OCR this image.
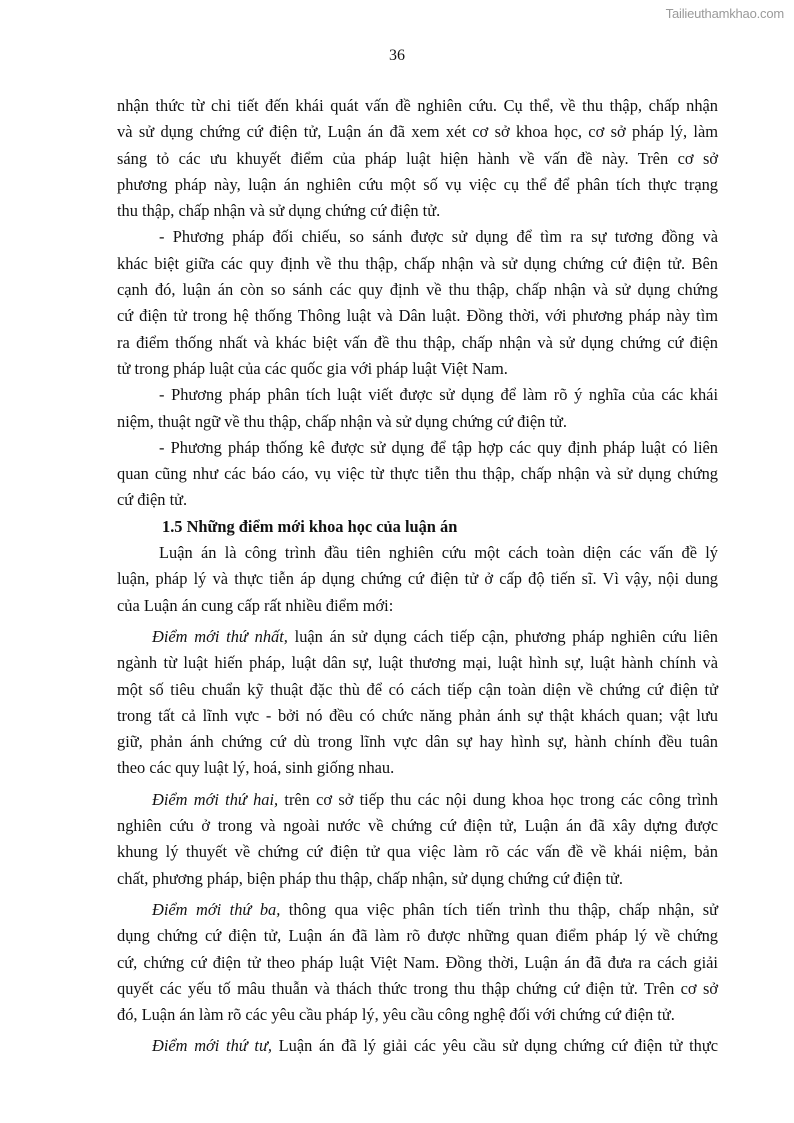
Tailieuthamkhao.com
36
nhận thức từ chi tiết đến khái quát vấn đề nghiên cứu. Cụ thể, về thu thập, chấp nhận
và sử dụng chứng cứ điện tử, Luận án đã xem xét cơ sở khoa học, cơ sở pháp lý, làm
sáng tỏ các ưu khuyết điểm của pháp luật hiện hành về vấn đề này. Trên cơ sở
phương pháp này, luận án nghiên cứu một số vụ việc cụ thể để phân tích thực trạng
thu thập, chấp nhận và sử dụng chứng cứ điện tử.
- Phương pháp đối chiếu, so sánh được sử dụng để tìm ra sự tương đồng và
khác biệt giữa các quy định về thu thập, chấp nhận và sử dụng chứng cứ điện tử. Bên
cạnh đó, luận án còn so sánh các quy định về thu thập, chấp nhận và sử dụng chứng
cứ điện tử trong hệ thống Thông luật và Dân luật. Đồng thời, với phương pháp này tìm
ra điểm thống nhất và khác biệt vấn đề thu thập, chấp nhận và sử dụng chứng cứ điện
tử trong pháp luật của các quốc gia với pháp luật Việt Nam.
- Phương pháp phân tích luật viết được sử dụng để làm rõ ý nghĩa của các khái
niệm, thuật ngữ về thu thập, chấp nhận và sử dụng chứng cứ điện tử.
- Phương pháp thống kê được sử dụng để tập hợp các quy định pháp luật có liên
quan cũng như các báo cáo, vụ việc từ thực tiễn thu thập, chấp nhận và sử dụng chứng
cứ điện tử.
1.5 Những điểm mới khoa học của luận án
Luận án là công trình đầu tiên nghiên cứu một cách toàn diện các vấn đề lý
luận, pháp lý và thực tiễn áp dụng chứng cứ điện tử ở cấp độ tiến sĩ. Vì vậy, nội dung
của Luận án cung cấp rất nhiều điểm mới:
Điểm mới thứ nhất, luận án sử dụng cách tiếp cận, phương pháp nghiên cứu liên
ngành từ luật hiến pháp, luật dân sự, luật thương mại, luật hình sự, luật hành chính và
một số tiêu chuẩn kỹ thuật đặc thù để có cách tiếp cận toàn diện về chứng cứ điện tử
trong tất cả lĩnh vực - bởi nó đều có chức năng phản ánh sự thật khách quan; vật lưu
giữ, phản ánh chứng cứ dù trong lĩnh vực dân sự hay hình sự, hành chính đều tuân
theo các quy luật lý, hoá, sinh giống nhau.
Điểm mới thứ hai, trên cơ sở tiếp thu các nội dung khoa học trong các công trình
nghiên cứu ở trong và ngoài nước về chứng cứ điện tử, Luận án đã xây dựng được
khung lý thuyết về chứng cứ điện tử qua việc làm rõ các vấn đề về khái niệm, bản
chất, phương pháp, biện pháp thu thập, chấp nhận, sử dụng chứng cứ điện tử.
Điểm mới thứ ba, thông qua việc phân tích tiến trình thu thập, chấp nhận, sử
dụng chứng cứ điện tử, Luận án đã làm rõ được những quan điểm pháp lý về chứng
cứ, chứng cứ điện tử theo pháp luật Việt Nam. Đồng thời, Luận án đã đưa ra cách giải
quyết các yếu tố mâu thuẫn và thách thức trong thu thập chứng cứ điện tử. Trên cơ sở
đó, Luận án làm rõ các yêu cầu pháp lý, yêu cầu công nghệ đối với chứng cứ điện tử.
Điểm mới thứ tư, Luận án đã lý giải các yêu cầu sử dụng chứng cứ điện tử thực
